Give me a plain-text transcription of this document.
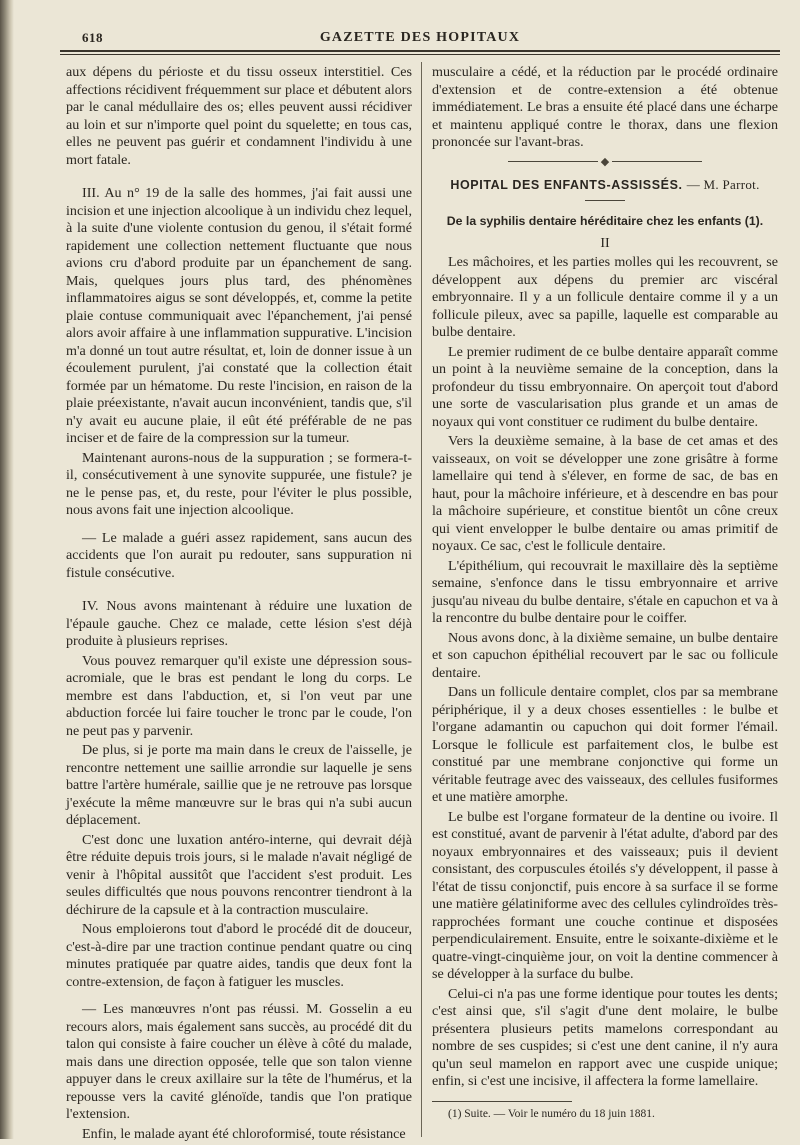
618	GAZETTE DES HOPITAUX

aux dépens du périoste et du tissu osseux interstitiel. Ces affections récidivent fréquemment sur place et débutent alors par le canal médullaire des os; elles peuvent aussi récidiver au loin et sur n'importe quel point du squelette; en tous cas, elles ne peuvent pas guérir et condamnent l'individu à une mort fatale.

III. Au n° 19 de la salle des hommes, j'ai fait aussi une incision et une injection alcoolique à un individu chez lequel, à la suite d'une violente contusion du genou, il s'était formé rapidement une collection nettement fluctuante que nous avions cru d'abord produite par un épanchement de sang. Mais, quelques jours plus tard, des phénomènes inflammatoires aigus se sont développés, et, comme la petite plaie contuse communiquait avec l'épanchement, j'ai pensé alors avoir affaire à une inflammation suppurative. L'incision m'a donné un tout autre résultat, et, loin de donner issue à un écoulement purulent, j'ai constaté que la collection était formée par un hématome. Du reste l'incision, en raison de la plaie préexistante, n'avait aucun inconvénient, tandis que, s'il n'y avait eu aucune plaie, il eût été préférable de ne pas inciser et de faire de la compression sur la tumeur.

Maintenant aurons-nous de la suppuration ; se formera-t-il, consécutivement à une synovite suppurée, une fistule? je ne le pense pas, et, du reste, pour l'éviter le plus possible, nous avons fait une injection alcoolique.

— Le malade a guéri assez rapidement, sans aucun des accidents que l'on aurait pu redouter, sans suppuration ni fistule consécutive.

IV. Nous avons maintenant à réduire une luxation de l'épaule gauche. Chez ce malade, cette lésion s'est déjà produite à plusieurs reprises.

Vous pouvez remarquer qu'il existe une dépression sous-acromiale, que le bras est pendant le long du corps. Le membre est dans l'abduction, et, si l'on veut par une abduction forcée lui faire toucher le tronc par le coude, l'on ne peut pas y parvenir.

De plus, si je porte ma main dans le creux de l'aisselle, je rencontre nettement une saillie arrondie sur laquelle je sens battre l'artère humérale, saillie que je ne retrouve pas lorsque j'exécute la même manœuvre sur le bras qui n'a subi aucun déplacement.

C'est donc une luxation antéro-interne, qui devrait déjà être réduite depuis trois jours, si le malade n'avait négligé de venir à l'hôpital aussitôt que l'accident s'est produit. Les seules difficultés que nous pouvons rencontrer tiendront à la déchirure de la capsule et à la contraction musculaire.

Nous emploierons tout d'abord le procédé dit de douceur, c'est-à-dire par une traction continue pendant quatre ou cinq minutes pratiquée par quatre aides, tandis que deux font la contre-extension, de façon à fatiguer les muscles.

— Les manœuvres n'ont pas réussi. M. Gosselin a eu recours alors, mais également sans succès, au procédé dit du talon qui consiste à faire coucher un élève à côté du malade, mais dans une direction opposée, telle que son talon vienne appuyer dans le creux axillaire sur la tête de l'humérus, et la repousse vers la cavité glénoïde, tandis que l'on pratique l'extension.

Enfin, le malade ayant été chloroformisé, toute résistance

musculaire a cédé, et la réduction par le procédé ordinaire d'extension et de contre-extension a été obtenue immédiatement. Le bras a ensuite été placé dans une écharpe et maintenu appliqué contre le thorax, dans une flexion prononcée sur l'avant-bras.

◆
HOPITAL DES ENFANTS-ASSISSÉS. — M. Parrot.
De la syphilis dentaire héréditaire chez les enfants (1).
II

Les mâchoires, et les parties molles qui les recouvrent, se développent aux dépens du premier arc viscéral embryonnaire. Il y a un follicule dentaire comme il y a un follicule pileux, avec sa papille, laquelle est comparable au bulbe dentaire.

Le premier rudiment de ce bulbe dentaire apparaît comme un point à la neuvième semaine de la conception, dans la profondeur du tissu embryonnaire. On aperçoit tout d'abord une sorte de vascularisation plus grande et un amas de noyaux qui vont constituer ce rudiment du bulbe dentaire.

Vers la deuxième semaine, à la base de cet amas et des vaisseaux, on voit se développer une zone grisâtre à forme lamellaire qui tend à s'élever, en forme de sac, de bas en haut, pour la mâchoire inférieure, et à descendre en bas pour la mâchoire supérieure, et constitue bientôt un cône creux qui vient envelopper le bulbe dentaire ou amas primitif de noyaux. Ce sac, c'est le follicule dentaire.

L'épithélium, qui recouvrait le maxillaire dès la septième semaine, s'enfonce dans le tissu embryonnaire et arrive jusqu'au niveau du bulbe dentaire, s'étale en capuchon et va à la rencontre du bulbe dentaire pour le coiffer.

Nous avons donc, à la dixième semaine, un bulbe dentaire et son capuchon épithélial recouvert par le sac ou follicule dentaire.

Dans un follicule dentaire complet, clos par sa membrane périphérique, il y a deux choses essentielles : le bulbe et l'organe adamantin ou capuchon qui doit former l'émail. Lorsque le follicule est parfaitement clos, le bulbe est constitué par une membrane conjonctive qui forme un véritable feutrage avec des vaisseaux, des cellules fusiformes et une matière amorphe.

Le bulbe est l'organe formateur de la dentine ou ivoire. Il est constitué, avant de parvenir à l'état adulte, d'abord par des noyaux embryonnaires et des vaisseaux; puis il devient consistant, des corpuscules étoilés s'y développent, il passe à l'état de tissu conjonctif, puis encore à sa surface il se forme une matière gélatiniforme avec des cellules cylindroïdes très-rapprochées formant une couche continue et disposées perpendiculairement. Ensuite, entre le soixante-dixième et le quatre-vingt-cinquième jour, on voit la dentine commencer à se développer à la surface du bulbe.

Celui-ci n'a pas une forme identique pour toutes les dents; c'est ainsi que, s'il s'agit d'une dent molaire, le bulbe présentera plusieurs petits mamelons correspondant au nombre de ses cuspides; si c'est une dent canine, il n'y aura qu'un seul mamelon en rapport avec une cuspide unique; enfin, si c'est une incisive, il affectera la forme lamellaire.

(1) Suite. — Voir le numéro du 18 juin 1881.
